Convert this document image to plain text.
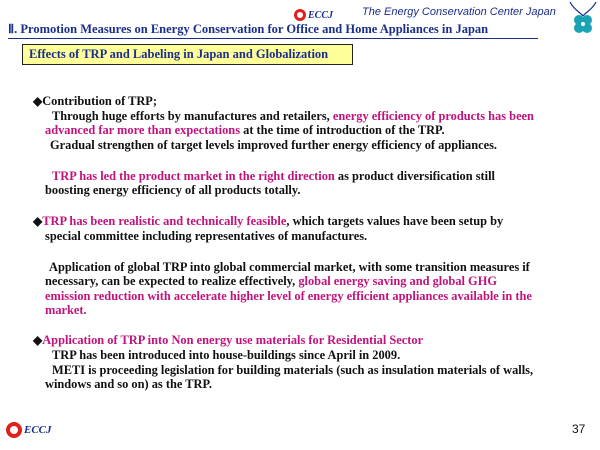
ECCJ	The Energy Conservation Center Japan
Ⅱ. Promotion Measures on Energy Conservation for Office and Home Appliances in Japan
Effects of TRP and Labeling in Japan and Globalization
◆Contribution of TRP;
Through huge efforts by manufactures and retailers, energy efficiency of products has been
advanced far more than expectations at the time of introduction of the TRP.
Gradual strengthen of target levels improved further energy efficiency of appliances.
TRP has led the product market in the right direction as product diversification still
boosting energy efficiency of all products totally.
◆TRP has been realistic and technically feasible, which targets values have been setup by
special committee including representatives of manufactures.
Application of global TRP into global commercial market, with some transition measures if
necessary, can be expected to realize effectively, global energy saving and global GHG
emission reduction with accelerate higher level of energy efficient appliances available in the
market.
◆Application of TRP into Non energy use materials for Residential Sector
TRP has been introduced into house-buildings since April in 2009.
METI is proceeding legislation for building materials (such as insulation materials of walls,
windows and so on) as the TRP.
ECCJ	37
